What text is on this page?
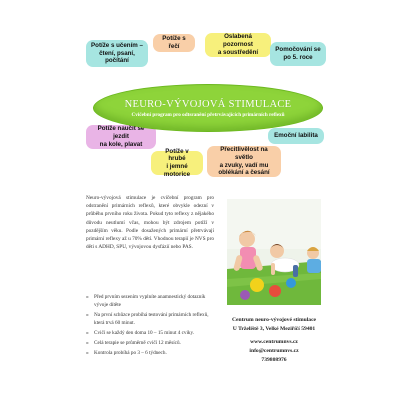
Potíže s učením –
čtení, psaní, počítání
Potíže s řečí
Oslabená pozornost
a soustředění	Pomočování se
po 5. roce
Potíže naučit se jezdit
na kole, plavat
Potíže v hrubé
i jemné motorice
Přecitlivělost na světlo
a zvuky, vadí mu
oblékání a česání
Emoční labilita
NEURO-VÝVOJOVÁ STIMULACE
Cvičební program pro odtsranění přetrvávajících primárních reflexů

Neuro-vývojová stimulace je cvičební program pro odstranění primárních reflexů, které obvykle odezní v průběhu prvního roku života. Pokud tyto reflexy z nějakého důvodu neutlumí včas, mohou být zdrojem potíží v pozdějším věku. Podle dosažených primární přetrvávají primární reflexy až u 70% dětí. Vhodnou terapií je NVS pro děti s ADHD, SPU, vývojovou dysfázií nebo PAS.

» Před prvním sezením vyplníte anamnestický dotazník vývoje dítěte
» Na první schůzce probíhá testování primárních reflexů, která trvá 60 minut.
» Cvičí se každý den doma 10 – 15 minut 4 cviky.
» Celá terapie se průměrně cvičí 12 měsíců.
» Kontrola probíhá po 3 – 6 týdnech.
Centrum neuro-vývojové stimulace
U Trželiště 3, Velké Meziříčí 59401
www.centrumnvs.cz
info@centrumnvs.cz
739808976
